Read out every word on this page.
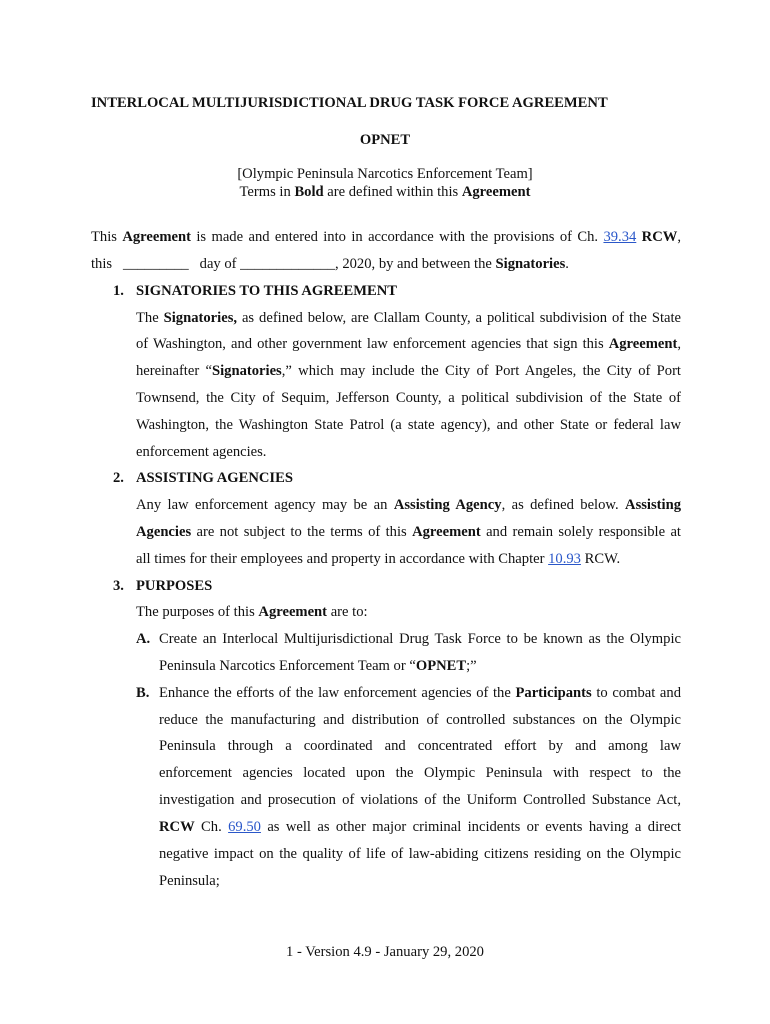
INTERLOCAL MULTIJURISDICTIONAL DRUG TASK FORCE AGREEMENT
OPNET
[Olympic Peninsula Narcotics Enforcement Team]
Terms in Bold are defined within this Agreement
This Agreement is made and entered into in accordance with the provisions of Ch. 39.34 RCW,
this   _________   day of _____________, 2020, by and between the Signatories.
1. SIGNATORIES TO THIS AGREEMENT
The Signatories, as defined below, are Clallam County, a political subdivision of the State
of Washington, and other government law enforcement agencies that sign this Agreement,
hereinafter “Signatories,” which may include the City of Port Angeles, the City of Port
Townsend, the City of Sequim, Jefferson County, a political subdivision of the State of
Washington, the Washington State Patrol (a state agency), and other State or federal law
enforcement agencies.
2. ASSISTING AGENCIES
Any law enforcement agency may be an Assisting Agency, as defined below. Assisting
Agencies are not subject to the terms of this Agreement and remain solely responsible at
all times for their employees and property in accordance with Chapter 10.93 RCW.
3. PURPOSES
The purposes of this Agreement are to:
A. Create an Interlocal Multijurisdictional Drug Task Force to be known as the Olympic
Peninsula Narcotics Enforcement Team or “OPNET;”
B. Enhance the efforts of the law enforcement agencies of the Participants to combat and
reduce the manufacturing and distribution of controlled substances on the Olympic
Peninsula through a coordinated and concentrated effort by and among law
enforcement agencies located upon the Olympic Peninsula with respect to the
investigation and prosecution of violations of the Uniform Controlled Substance Act,
RCW Ch. 69.50 as well as other major criminal incidents or events having a direct
negative impact on the quality of life of law-abiding citizens residing on the Olympic
Peninsula;
1 - Version 4.9 - January 29, 2020
